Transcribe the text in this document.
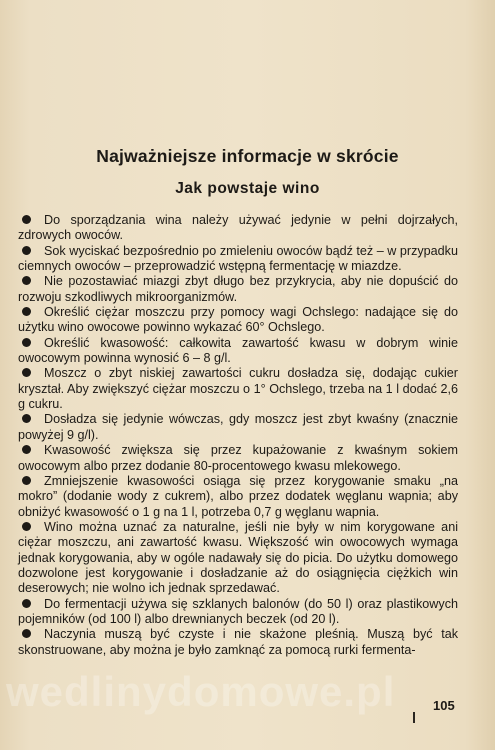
wedlinydomowe.pl
Najważniejsze informacje w skrócie
Jak powstaje wino
Do sporządzania wina należy używać jedynie w pełni dojrzałych, zdrowych owoców.
Sok wyciskać bezpośrednio po zmieleniu owoców bądź też – w przypadku ciemnych owoców – przeprowadzić wstępną fermentację w miazdze.
Nie pozostawiać miazgi zbyt długo bez przykrycia, aby nie dopuścić do rozwoju szkodliwych mikroorganizmów.
Określić ciężar moszczu przy pomocy wagi Ochslego: nadające się do użytku wino owocowe powinno wykazać 60° Ochslego.
Określić kwasowość: całkowita zawartość kwasu w dobrym winie owocowym powinna wynosić 6 – 8 g/l.
Moszcz o zbyt niskiej zawartości cukru dosładza się, dodając cukier kryształ. Aby zwiększyć ciężar moszczu o 1° Ochslego, trzeba na 1 l dodać 2,6 g cukru.
Dosładza się jedynie wówczas, gdy moszcz jest zbyt kwaśny (znacznie powyżej 9 g/l).
Kwasowość zwiększa się przez kupażowanie z kwaśnym sokiem owocowym albo przez dodanie 80-procentowego kwasu mlekowego.
Zmniejszenie kwasowości osiąga się przez korygowanie smaku „na mokro” (dodanie wody z cukrem), albo przez dodatek węglanu wapnia; aby obniżyć kwasowość o 1 g na 1 l, potrzeba 0,7 g węglanu wapnia.
Wino można uznać za naturalne, jeśli nie były w nim korygowane ani ciężar moszczu, ani zawartość kwasu. Większość win owocowych wymaga jednak korygowania, aby w ogóle nadawały się do picia. Do użytku domowego dozwolone jest korygowanie i dosładzanie aż do osiągnięcia ciężkich win deserowych; nie wolno ich jednak sprzedawać.
Do fermentacji używa się szklanych balonów (do 50 l) oraz plastikowych pojemników (od 100 l) albo drewnianych beczek (od 20 l).
Naczynia muszą być czyste i nie skażone pleśnią. Muszą być tak skonstruowane, aby można je było zamknąć za pomocą rurki fermenta-
105
